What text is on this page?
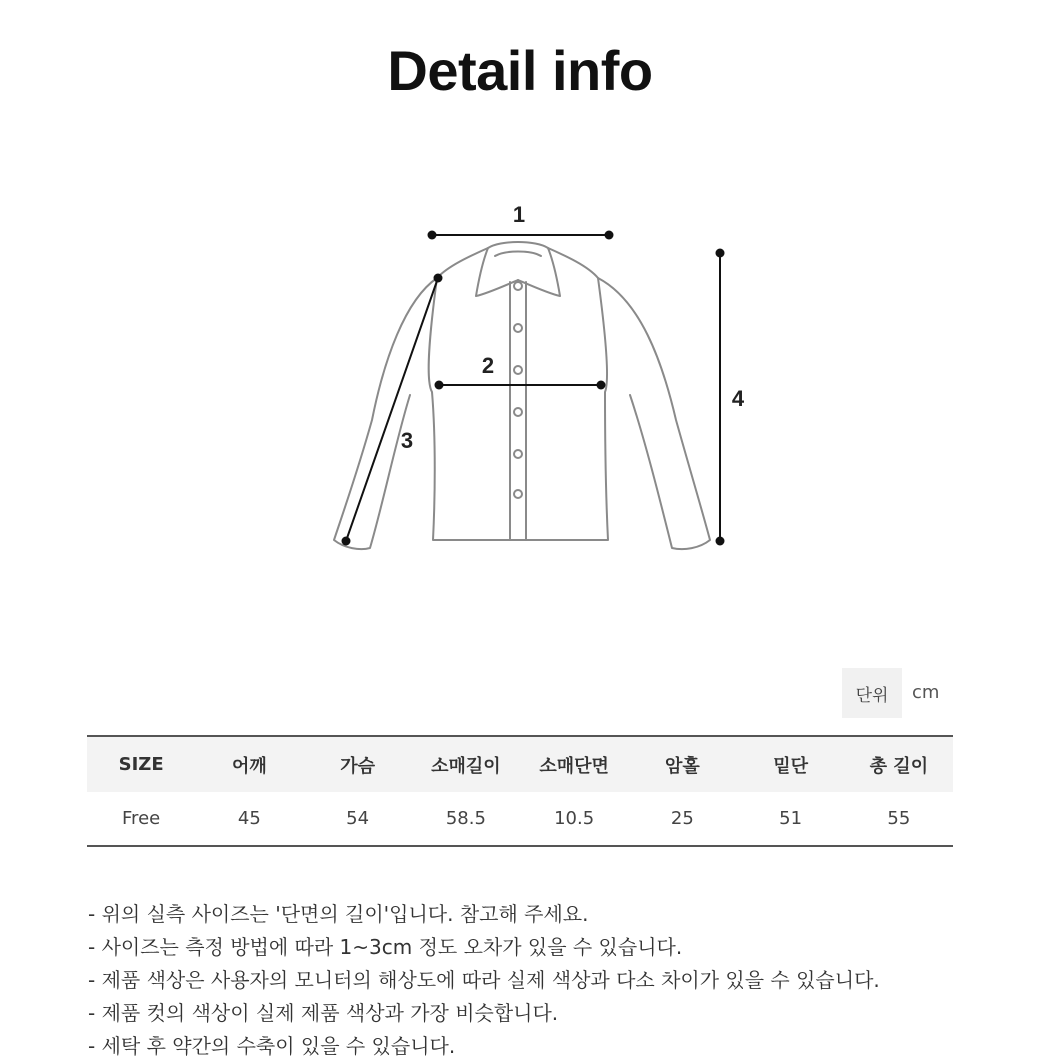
Detail info
1
2
3
4
단위	cm
SIZE	어깨	가슴	소매길이	소매단면	암홀	밑단	총 길이
Free	45	54	58.5	10.5	25	51	55
- 위의 실측 사이즈는 '단면의 길이'입니다. 참고해 주세요.
- 사이즈는 측정 방법에 따라 1~3cm 정도 오차가 있을 수 있습니다.
- 제품 색상은 사용자의 모니터의 해상도에 따라 실제 색상과 다소 차이가 있을 수 있습니다.
- 제품 컷의 색상이 실제 제품 색상과 가장 비슷합니다.
- 세탁 후 약간의 수축이 있을 수 있습니다.
